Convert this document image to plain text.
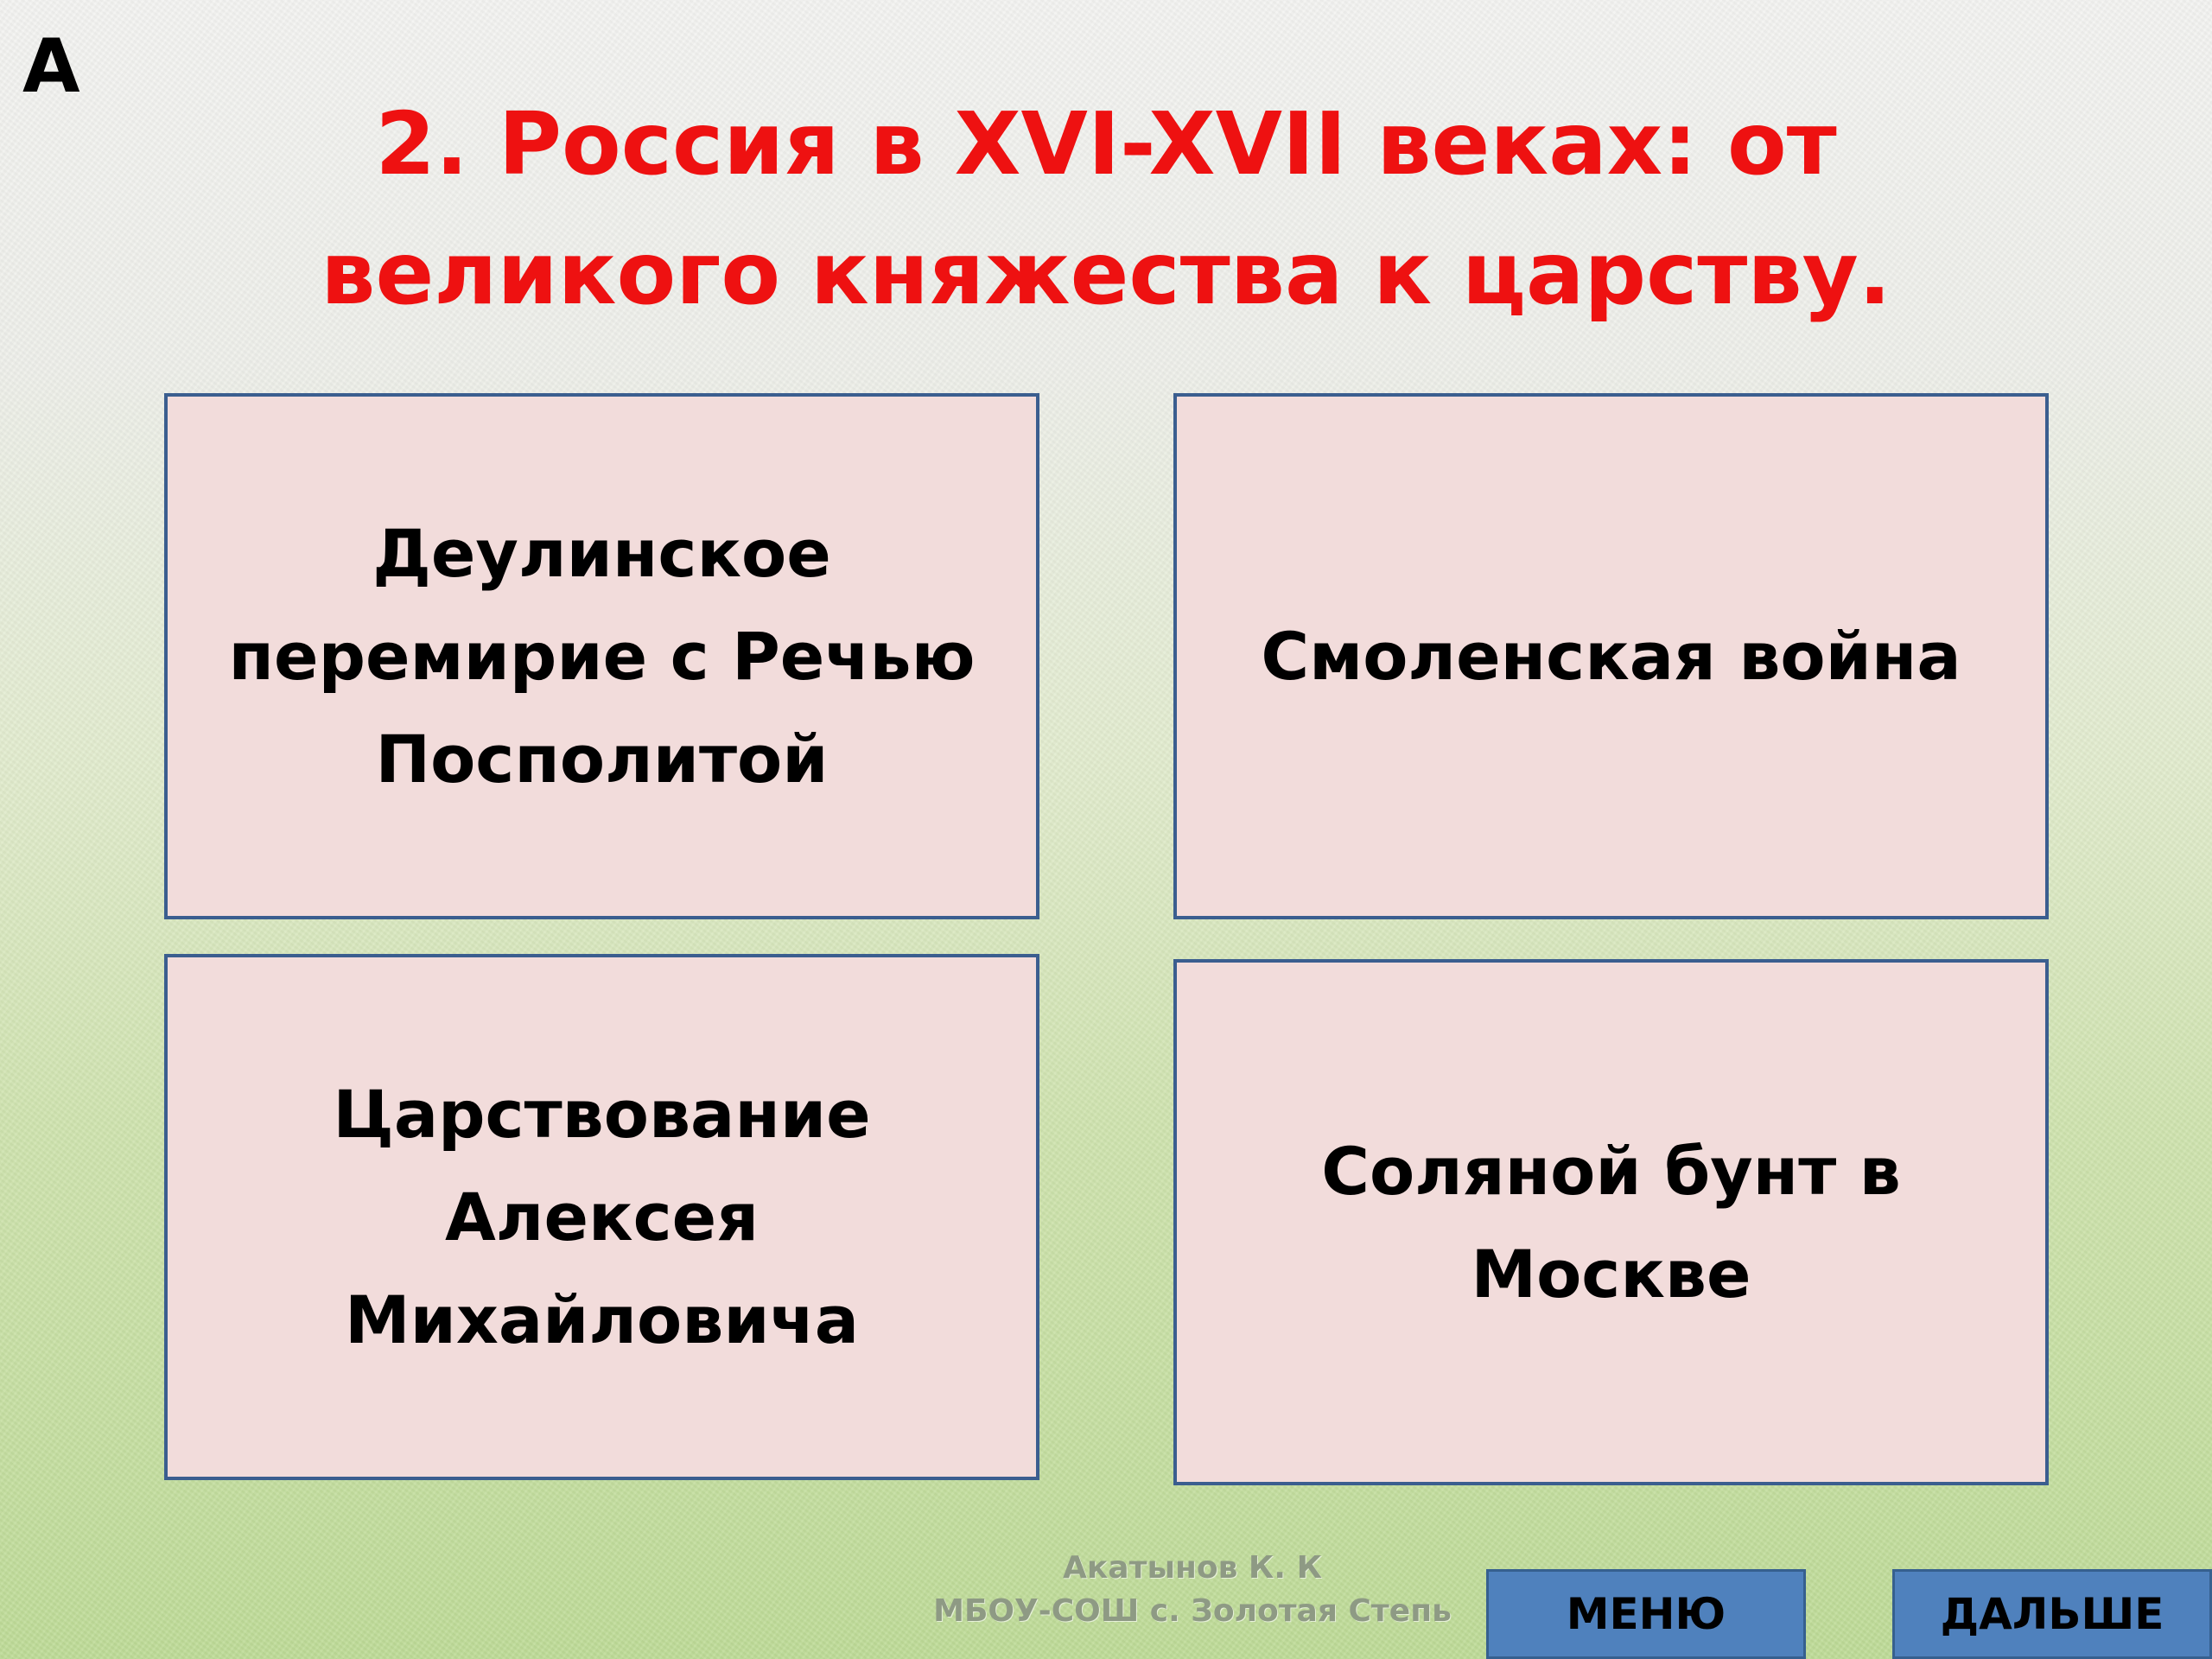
А
2. Россия в XVI-XVII веках: от великого княжества к царству.
Деулинское перемирие с Речью Посполитой
Смоленская война
Царствование Алексея Михайловича
Соляной бунт в Москве
Акатынов К. К
МБОУ-СОШ с. Золотая Степь	МЕНЮ	ДАЛЬШЕ
